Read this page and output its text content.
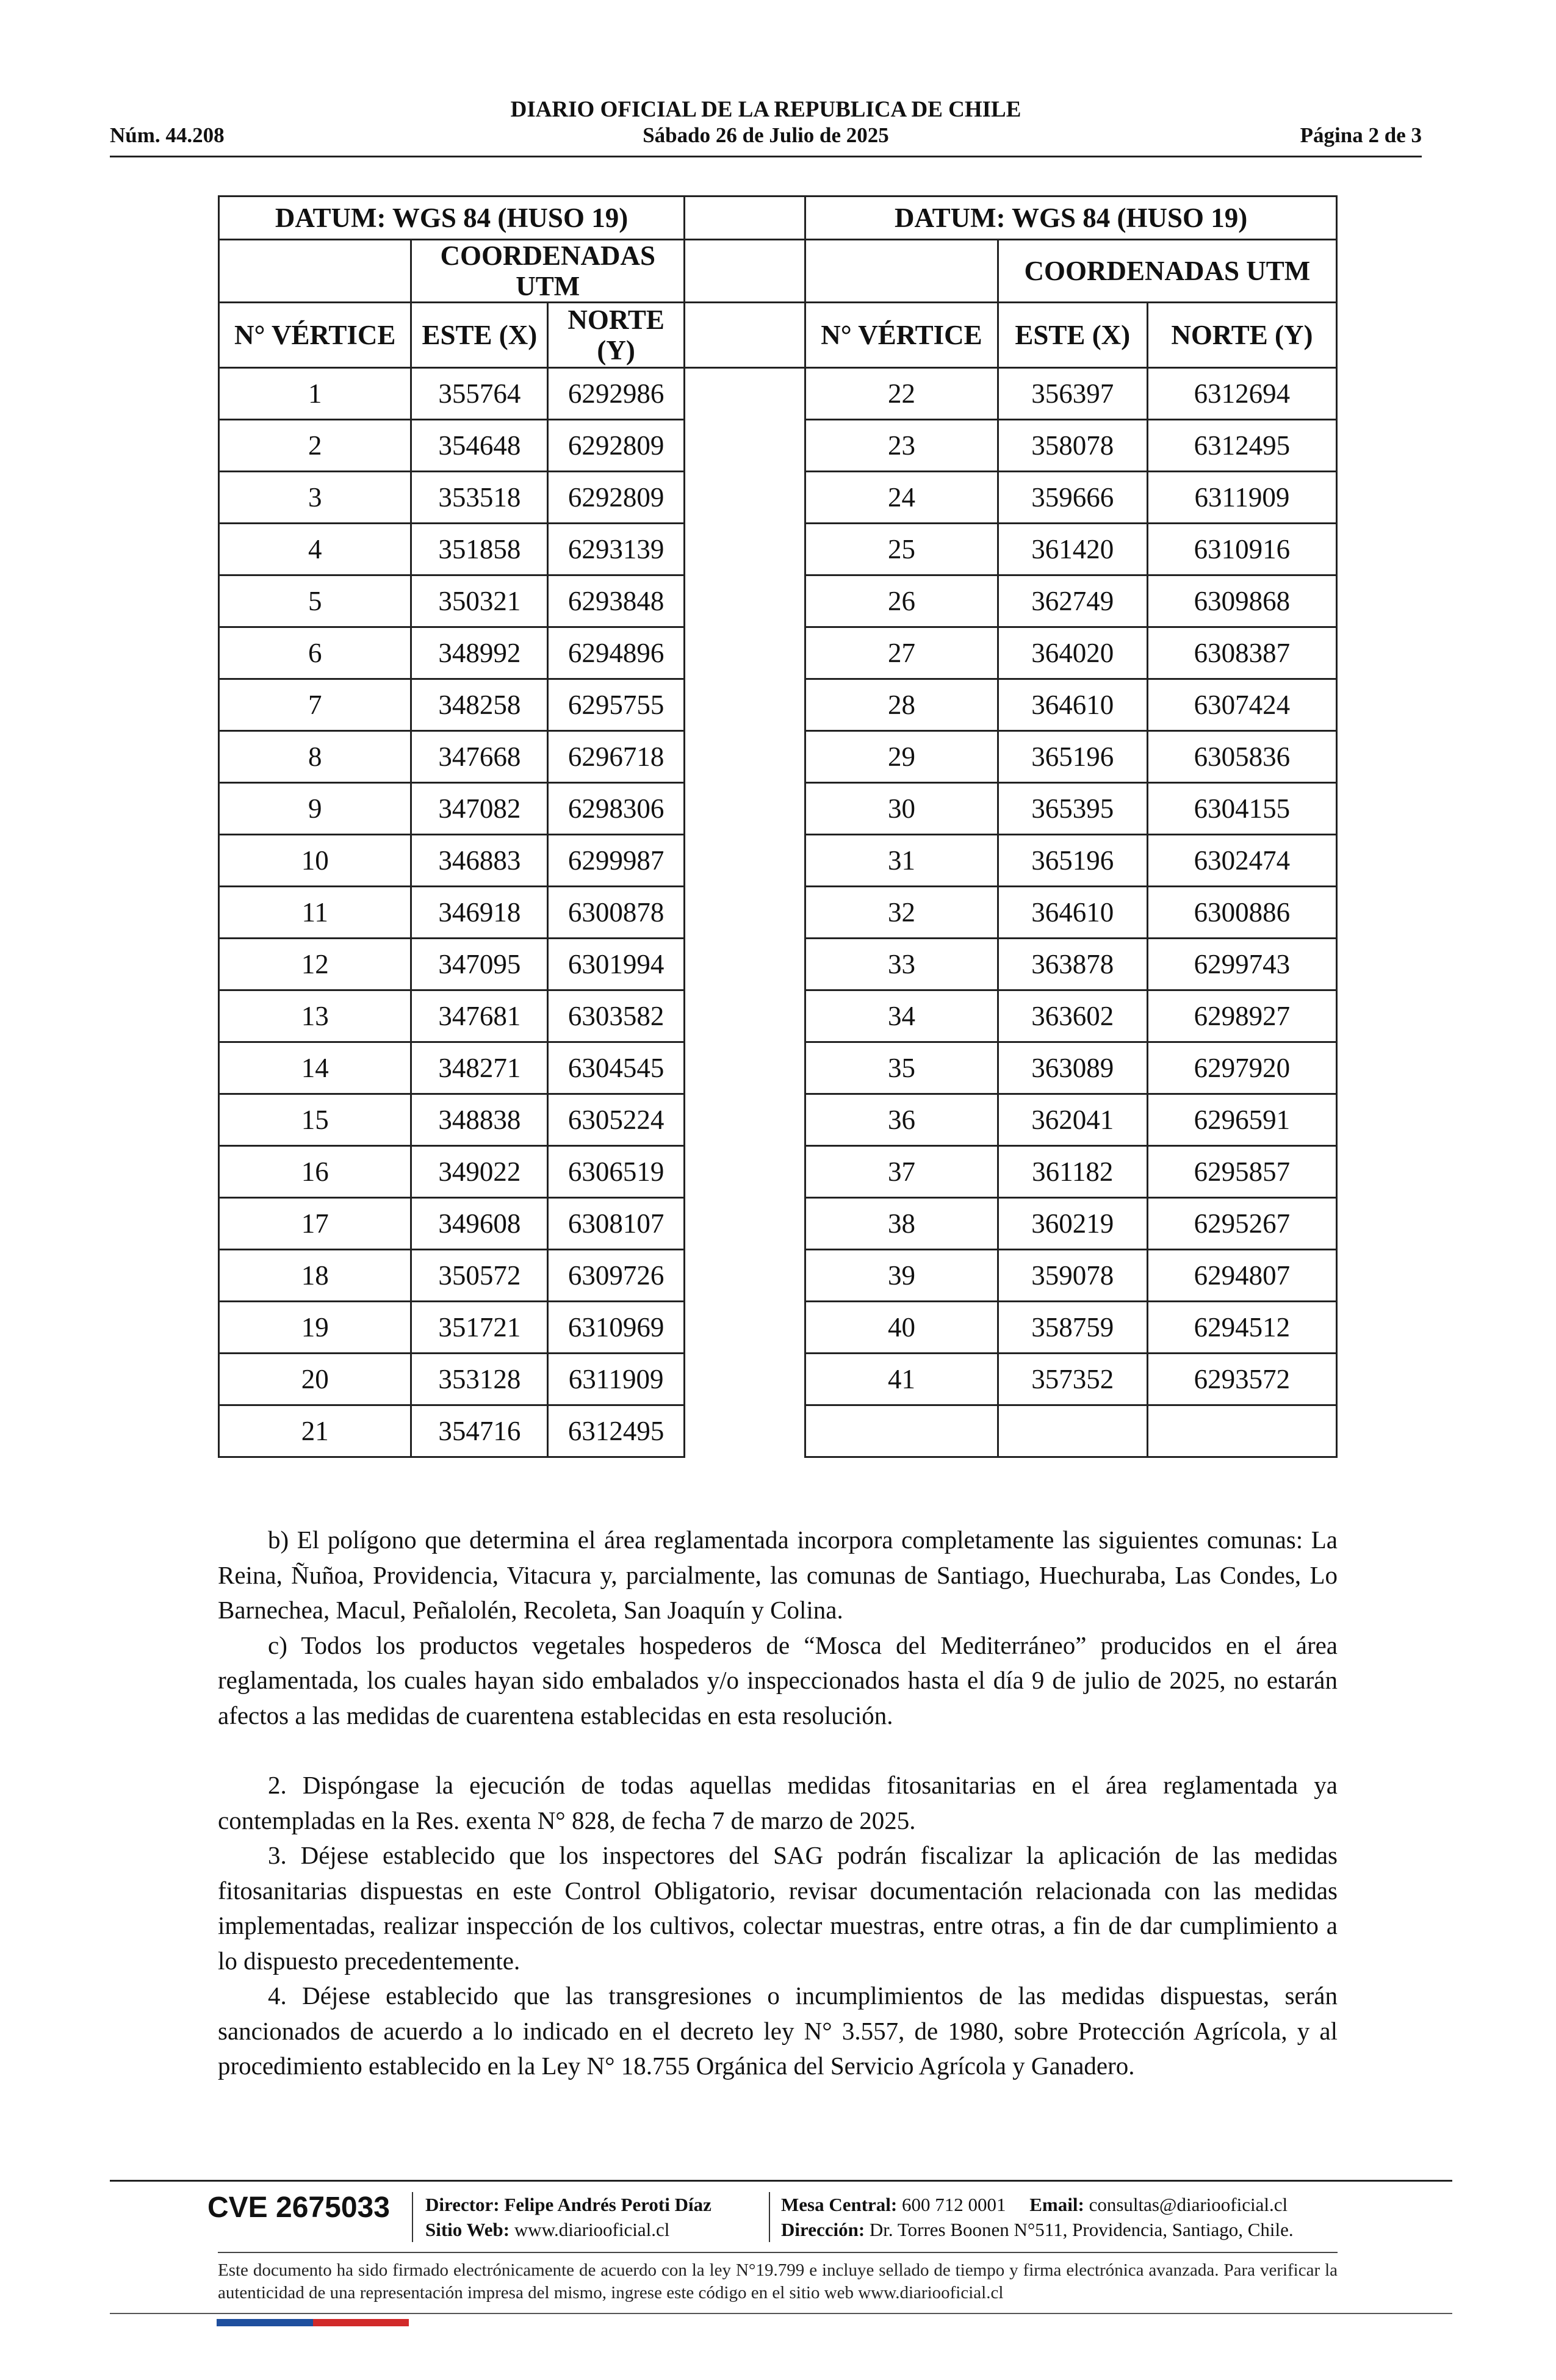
DIARIO OFICIAL DE LA REPUBLICA DE CHILE
Núm. 44.208	Sábado 26 de Julio de 2025	Página 2 de 3
DATUM: WGS 84 (HUSO 19)				DATUM: WGS 84 (HUSO 19)		
	COORDENADAS UTM				COORDENADAS UTM	
N° VÉRTICE	ESTE (X)	NORTE (Y)		N° VÉRTICE	ESTE (X)	NORTE (Y)
1	355764	6292986		22	356397	6312694
2	354648	6292809		23	358078	6312495
3	353518	6292809		24	359666	6311909
4	351858	6293139		25	361420	6310916
5	350321	6293848		26	362749	6309868
6	348992	6294896		27	364020	6308387
7	348258	6295755		28	364610	6307424
8	347668	6296718		29	365196	6305836
9	347082	6298306		30	365395	6304155
10	346883	6299987		31	365196	6302474
11	346918	6300878		32	364610	6300886
12	347095	6301994		33	363878	6299743
13	347681	6303582		34	363602	6298927
14	348271	6304545		35	363089	6297920
15	348838	6305224		36	362041	6296591
16	349022	6306519		37	361182	6295857
17	349608	6308107		38	360219	6295267
18	350572	6309726		39	359078	6294807
19	351721	6310969		40	358759	6294512
20	353128	6311909		41	357352	6293572
21	354716	6312495				

b) El polígono que determina el área reglamentada incorpora completamente las siguientes comunas: La Reina, Ñuñoa, Providencia, Vitacura y, parcialmente, las comunas de Santiago, Huechuraba, Las Condes, Lo Barnechea, Macul, Peñalolén, Recoleta, San Joaquín y Colina.

c) Todos los productos vegetales hospederos de “Mosca del Mediterráneo” producidos en el área reglamentada, los cuales hayan sido embalados y/o inspeccionados hasta el día 9 de julio de 2025, no estarán afectos a las medidas de cuarentena establecidas en esta resolución.

2. Dispóngase la ejecución de todas aquellas medidas fitosanitarias en el área reglamentada ya contempladas en la Res. exenta N° 828, de fecha 7 de marzo de 2025.

3. Déjese establecido que los inspectores del SAG podrán fiscalizar la aplicación de las medidas fitosanitarias dispuestas en este Control Obligatorio, revisar documentación relacionada con las medidas implementadas, realizar inspección de los cultivos, colectar muestras, entre otras, a fin de dar cumplimiento a lo dispuesto precedentemente.

4. Déjese establecido que las transgresiones o incumplimientos de las medidas dispuestas, serán sancionados de acuerdo a lo indicado en el decreto ley N° 3.557, de 1980, sobre Protección Agrícola, y al procedimiento establecido en la Ley N° 18.755 Orgánica del Servicio Agrícola y Ganadero.

CVE 2675033 Director: Felipe Andrés Peroti Díaz
Sitio Web: www.diariooficial.cl
Mesa Central: 600 712 0001 Email: consultas@diariooficial.cl
Dirección: Dr. Torres Boonen N°511, Providencia, Santiago, Chile.
Este documento ha sido firmado electrónicamente de acuerdo con la ley N°19.799 e incluye sellado de tiempo y firma electrónica avanzada. Para verificar la autenticidad de una representación impresa del mismo, ingrese este código en el sitio web www.diariooficial.cl
